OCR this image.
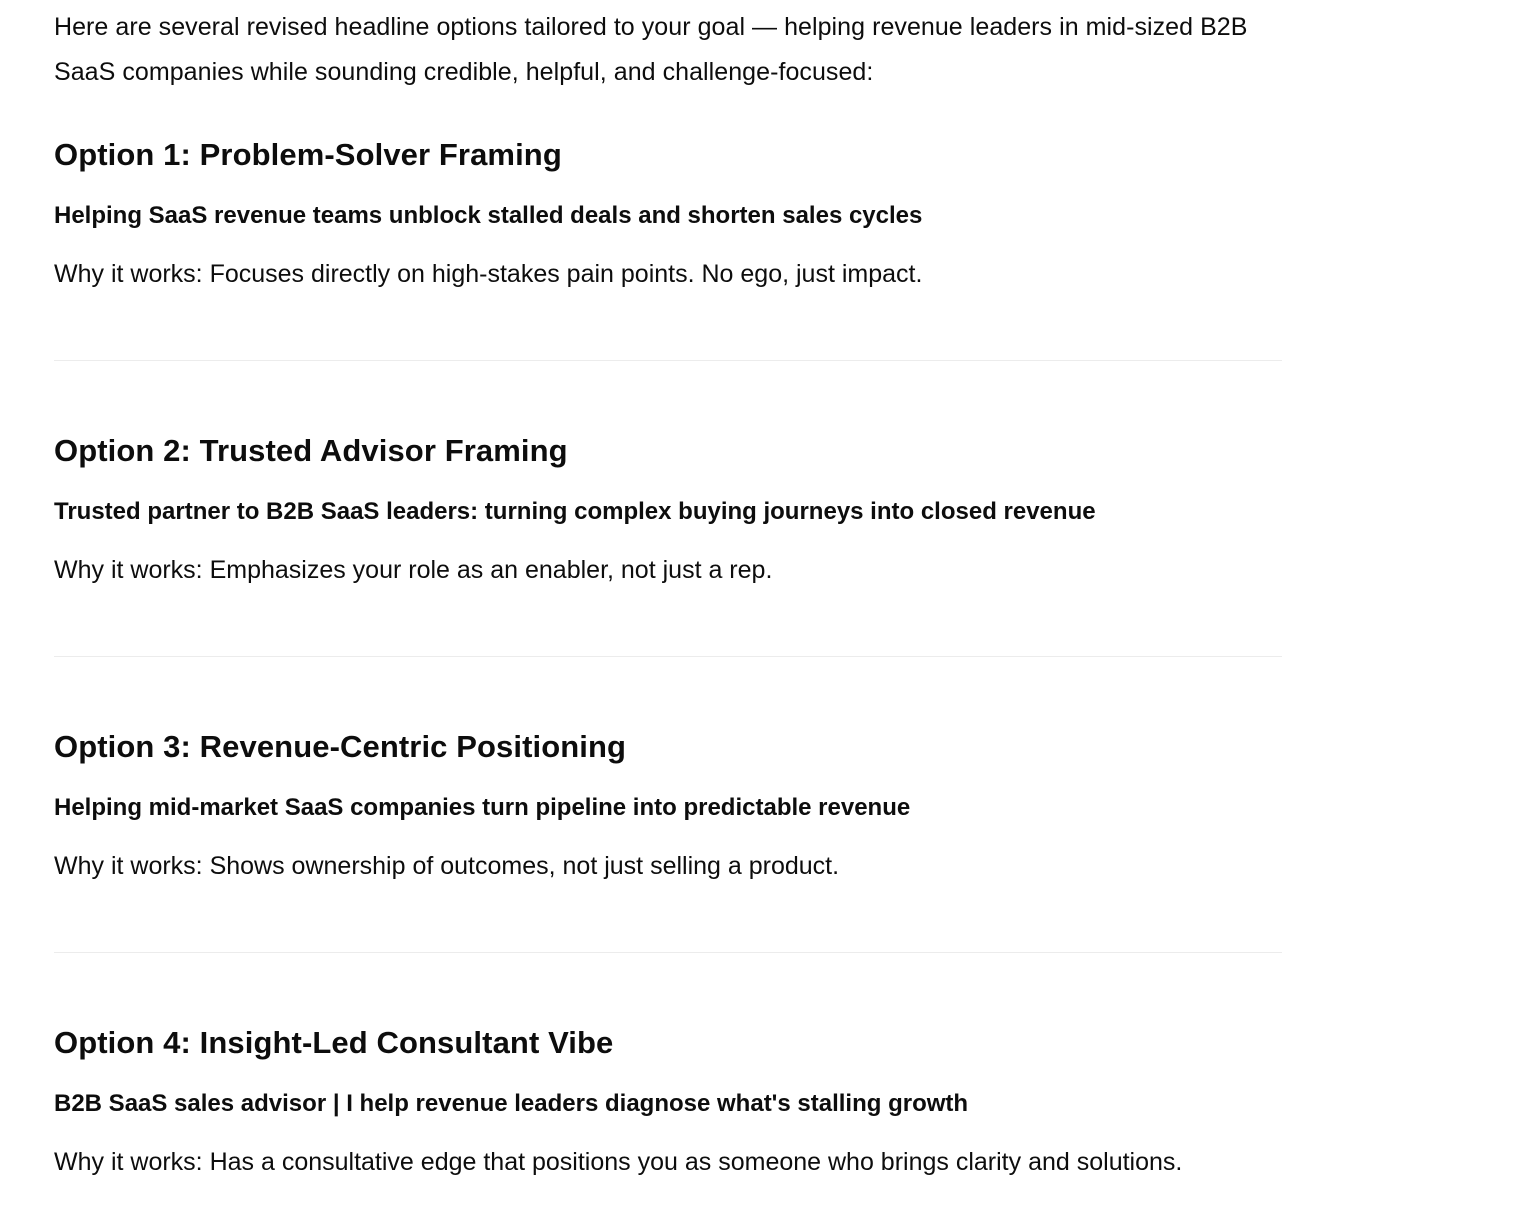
Here are several revised headline options tailored to your goal — helping revenue leaders in mid-sized B2B SaaS companies while sounding credible, helpful, and challenge-focused:

Option 1: Problem-Solver Framing

Helping SaaS revenue teams unblock stalled deals and shorten sales cycles

Why it works: Focuses directly on high-stakes pain points. No ego, just impact.

Option 2: Trusted Advisor Framing

Trusted partner to B2B SaaS leaders: turning complex buying journeys into closed revenue

Why it works: Emphasizes your role as an enabler, not just a rep.

Option 3: Revenue-Centric Positioning

Helping mid-market SaaS companies turn pipeline into predictable revenue

Why it works: Shows ownership of outcomes, not just selling a product.

Option 4: Insight-Led Consultant Vibe

B2B SaaS sales advisor | I help revenue leaders diagnose what's stalling growth

Why it works: Has a consultative edge that positions you as someone who brings clarity and solutions.
